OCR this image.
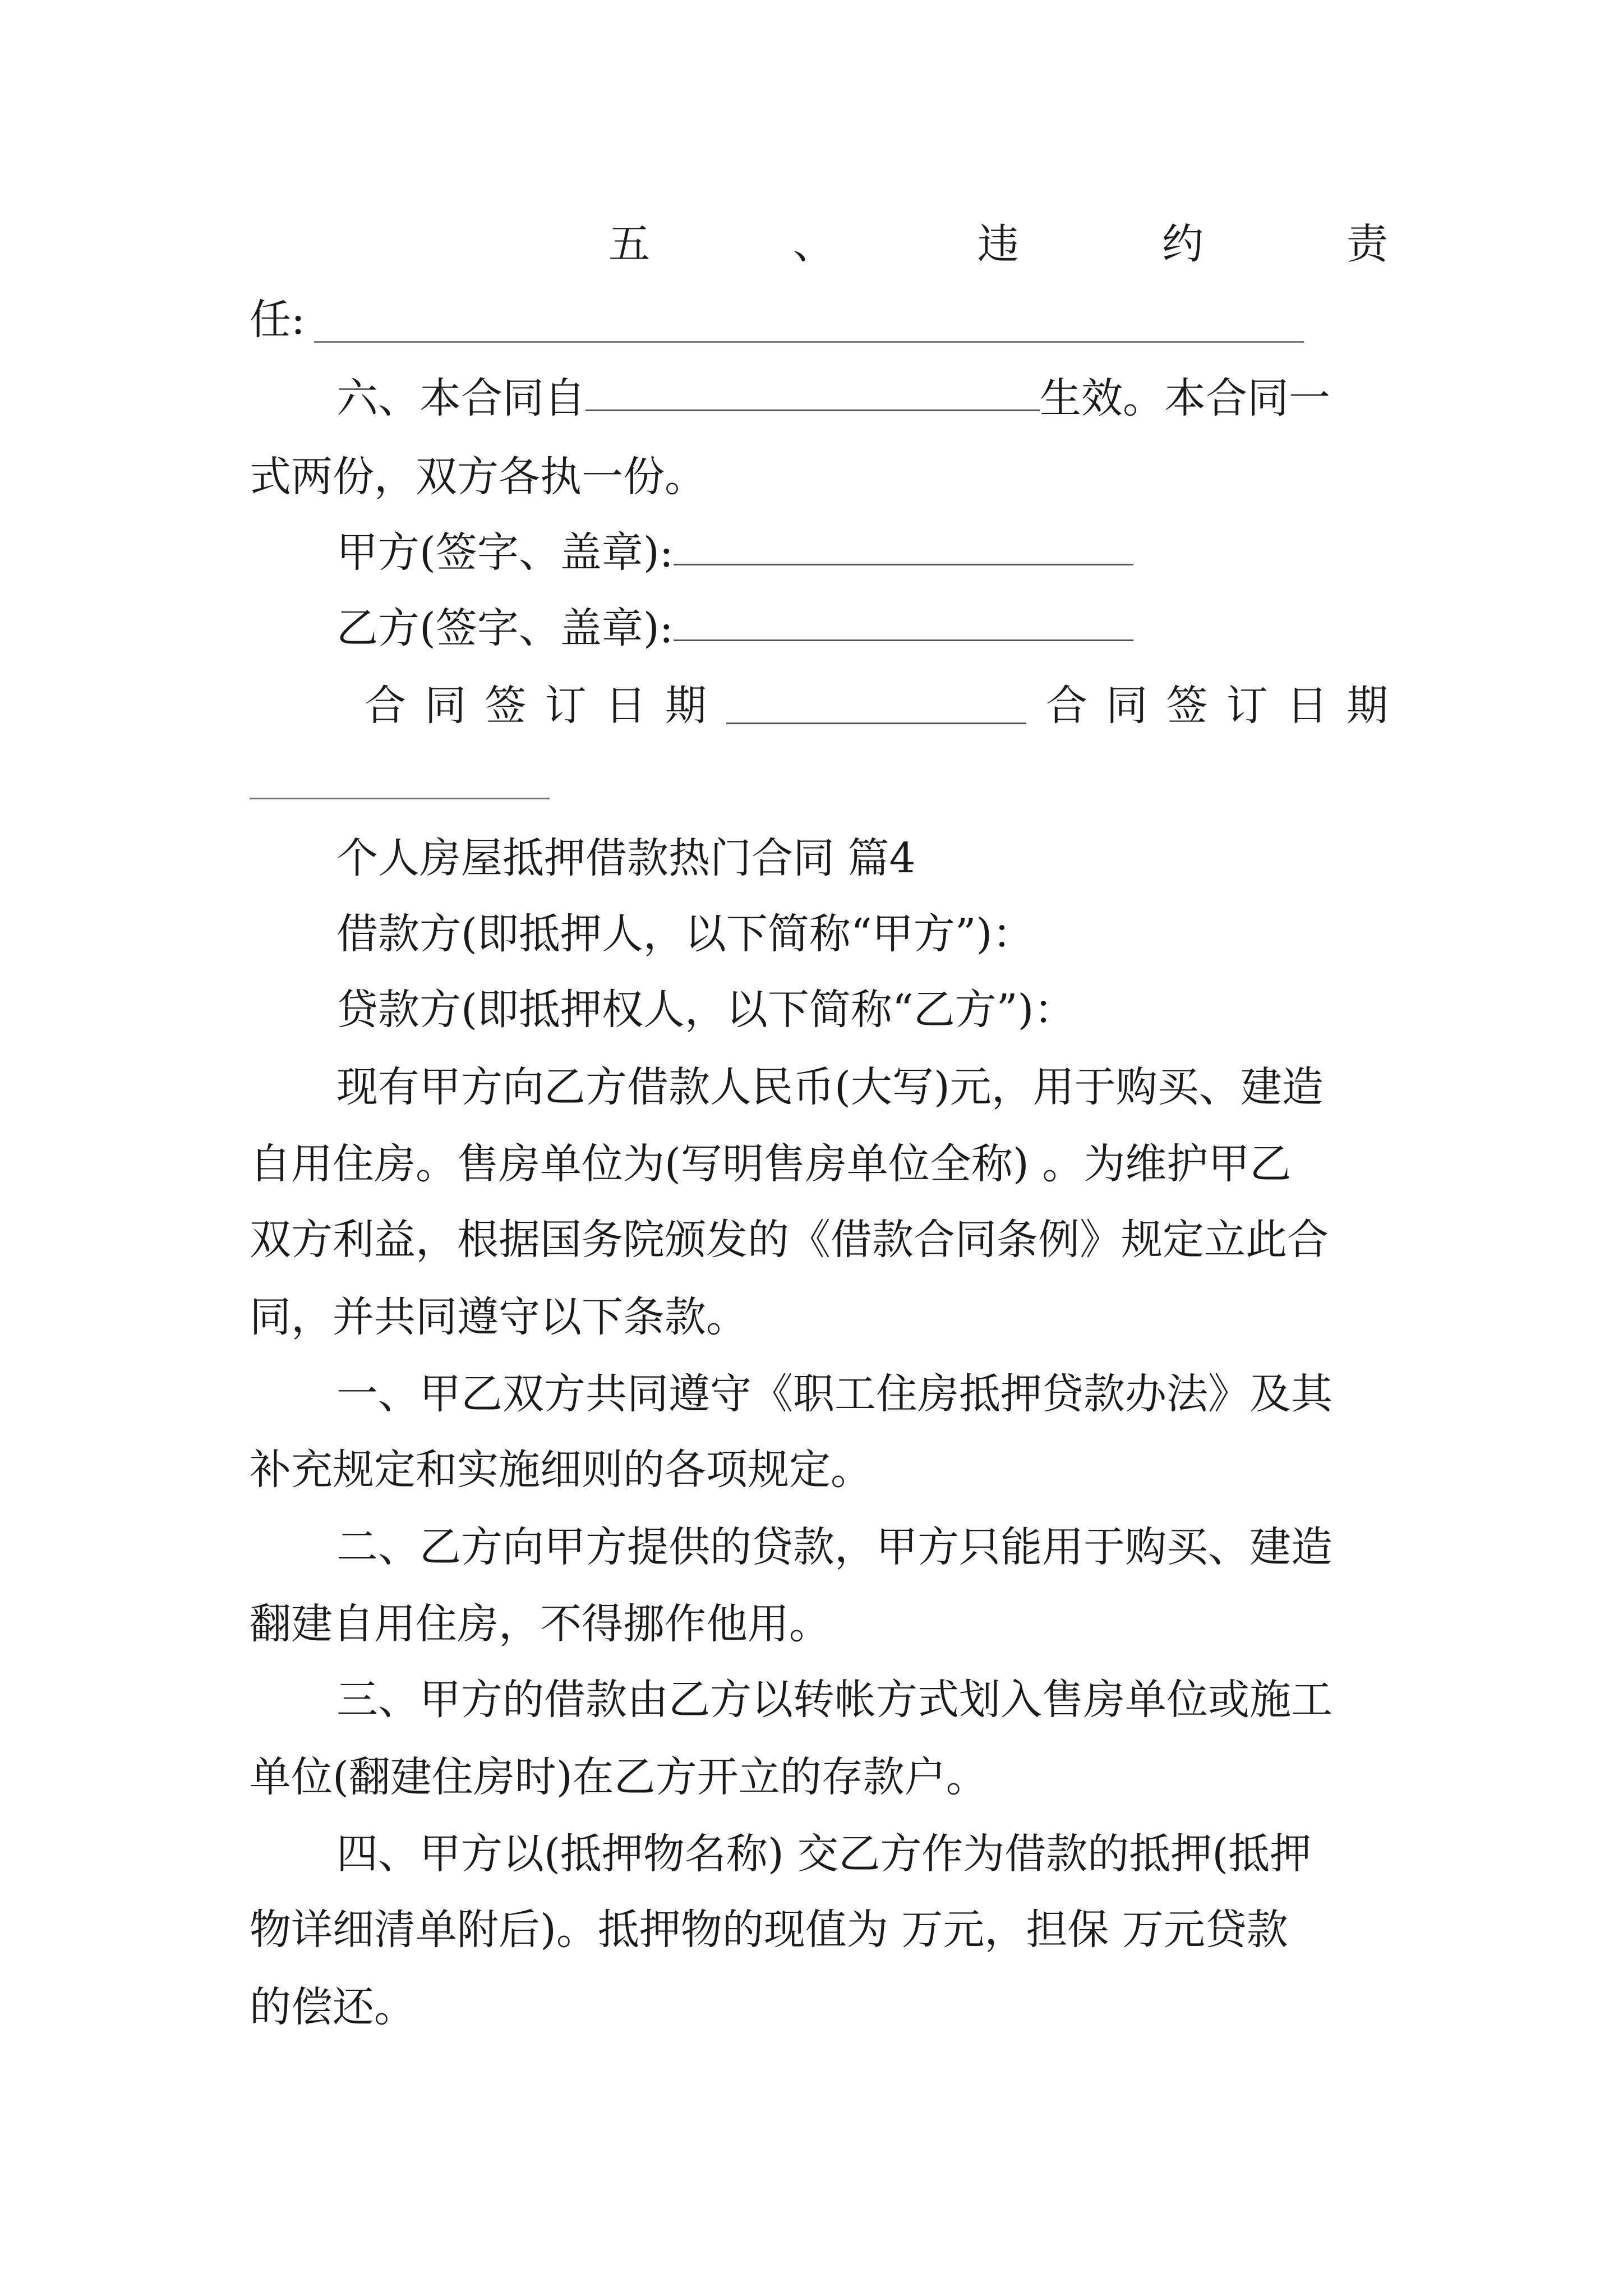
五	、	违	约	责
任:
六、本合同自	生效。本合同一
式两份，双方各执一份。
甲方(签字、盖章):
乙方(签字、盖章):
合 同 签 订 日 期	合 同 签 订 日 期
个人房屋抵押借款热门合同 篇4
借款方(即抵押人，以下简称“甲方”)：
贷款方(即抵押权人，以下简称“乙方”)：
现有甲方向乙方借款人民币(大写)元，用于购买、建造
自用住房。售房单位为(写明售房单位全称) 。为维护甲乙
双方利益，根据国务院颁发的《借款合同条例》规定立此合
同，并共同遵守以下条款。
一、甲乙双方共同遵守《职工住房抵押贷款办法》及其
补充规定和实施细则的各项规定。
二、乙方向甲方提供的贷款，甲方只能用于购买、建造
翻建自用住房，不得挪作他用。
三、甲方的借款由乙方以转帐方式划入售房单位或施工
单位(翻建住房时)在乙方开立的存款户。
四、甲方以(抵押物名称) 交乙方作为借款的抵押(抵押
物详细清单附后)。抵押物的现值为 万元，担保 万元贷款
的偿还。
